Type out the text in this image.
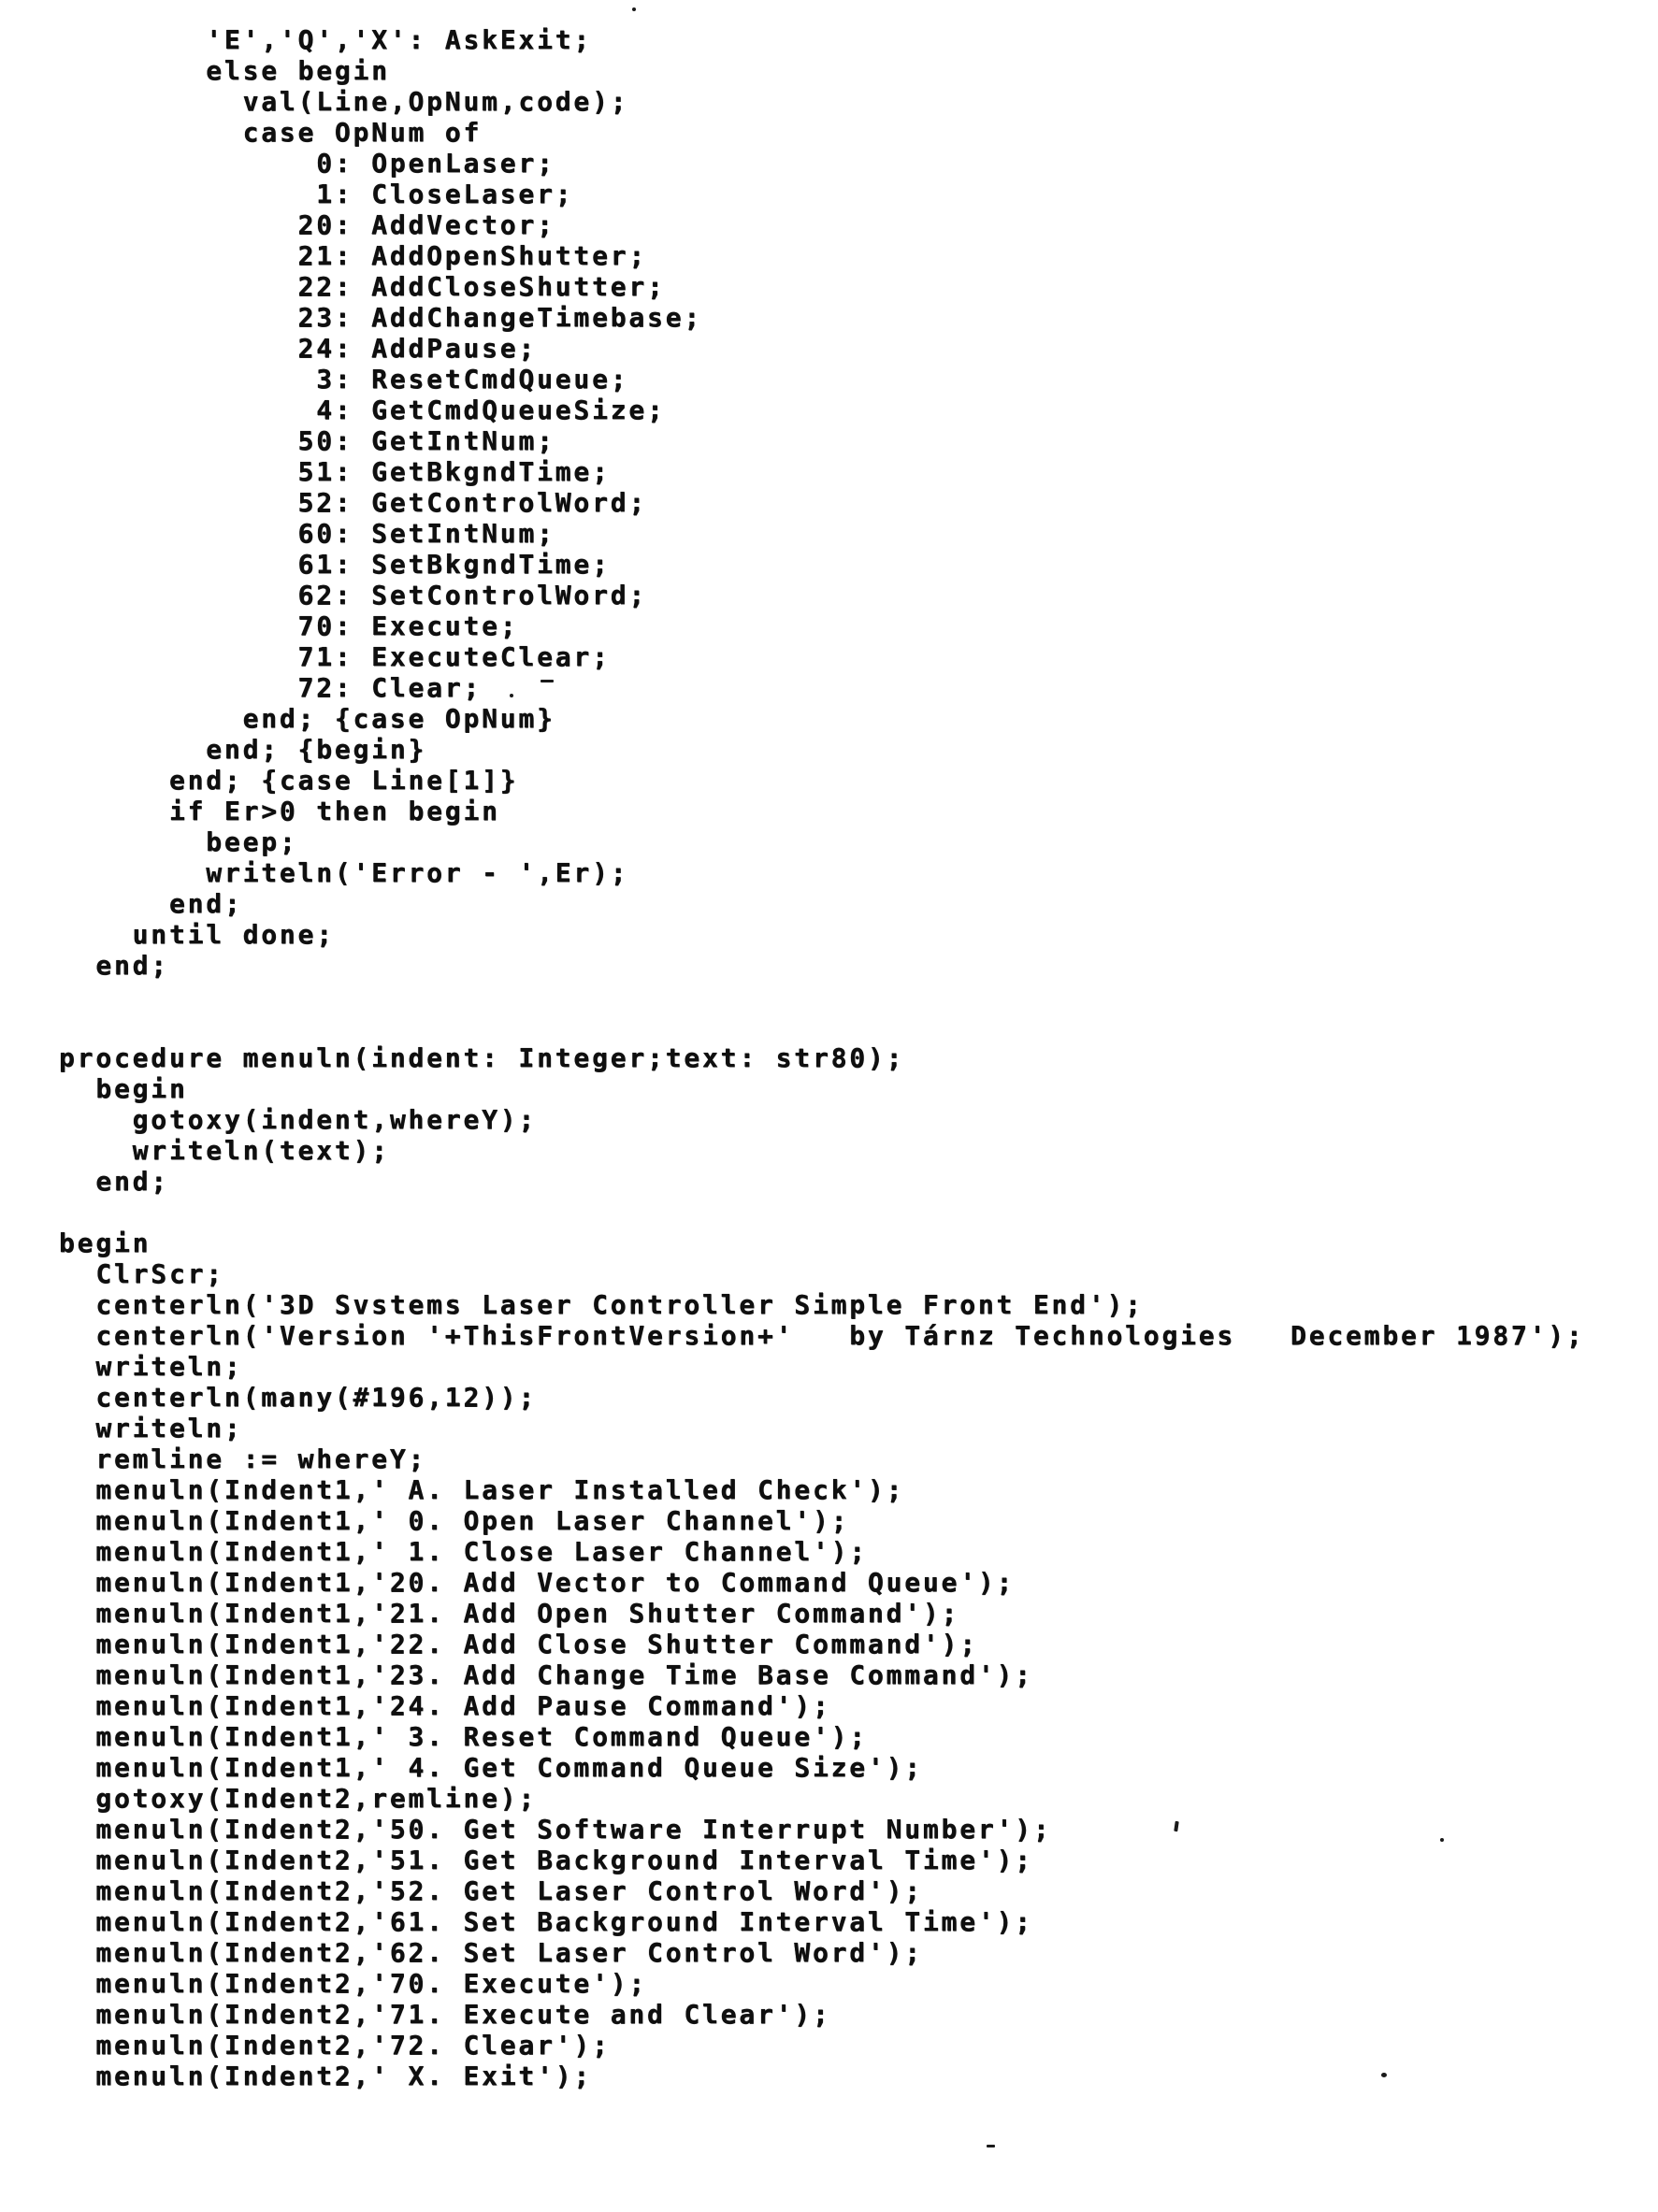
'E','Q','X': AskExit;
else begin
val(Line,OpNum,code);
case OpNum of
0: OpenLaser;
1: CloseLaser;
20: AddVector;
21: AddOpenShutter;
22: AddCloseShutter;
23: AddChangeTimebase;
24: AddPause;
3: ResetCmdQueue;
4: GetCmdQueueSize;
50: GetIntNum;
51: GetBkgndTime;
52: GetControlWord;
60: SetIntNum;
61: SetBkgndTime;
62: SetControlWord;
70: Execute;
71: ExecuteClear;
72: Clear;
end; {case OpNum}
end; {begin}
end; {case Line[1]}
if Er>0 then begin
beep;
writeln('Error - ',Er);
end;
until done;
end;

procedure menuln(indent: Integer;text: str80);
begin
gotoxy(indent,whereY);
writeln(text);
end;

begin
ClrScr;
centerln('3D Svstems Laser Controller Simple Front End');
centerln('Version '+ThisFrontVersion+'   by Tárnz Technologies   December 1987');
writeln;
centerln(many(#196,12));
writeln;
remline := whereY;
menuln(Indent1,' A. Laser Installed Check');
menuln(Indent1,' 0. Open Laser Channel');
menuln(Indent1,' 1. Close Laser Channel');
menuln(Indent1,'20. Add Vector to Command Queue');
menuln(Indent1,'21. Add Open Shutter Command');
menuln(Indent1,'22. Add Close Shutter Command');
menuln(Indent1,'23. Add Change Time Base Command');
menuln(Indent1,'24. Add Pause Command');
menuln(Indent1,' 3. Reset Command Queue');
menuln(Indent1,' 4. Get Command Queue Size');
gotoxy(Indent2,remline);
menuln(Indent2,'50. Get Software Interrupt Number');
menuln(Indent2,'51. Get Background Interval Time');
menuln(Indent2,'52. Get Laser Control Word');
menuln(Indent2,'61. Set Background Interval Time');
menuln(Indent2,'62. Set Laser Control Word');
menuln(Indent2,'70. Execute');
menuln(Indent2,'71. Execute and Clear');
menuln(Indent2,'72. Clear');
menuln(Indent2,' X. Exit');
